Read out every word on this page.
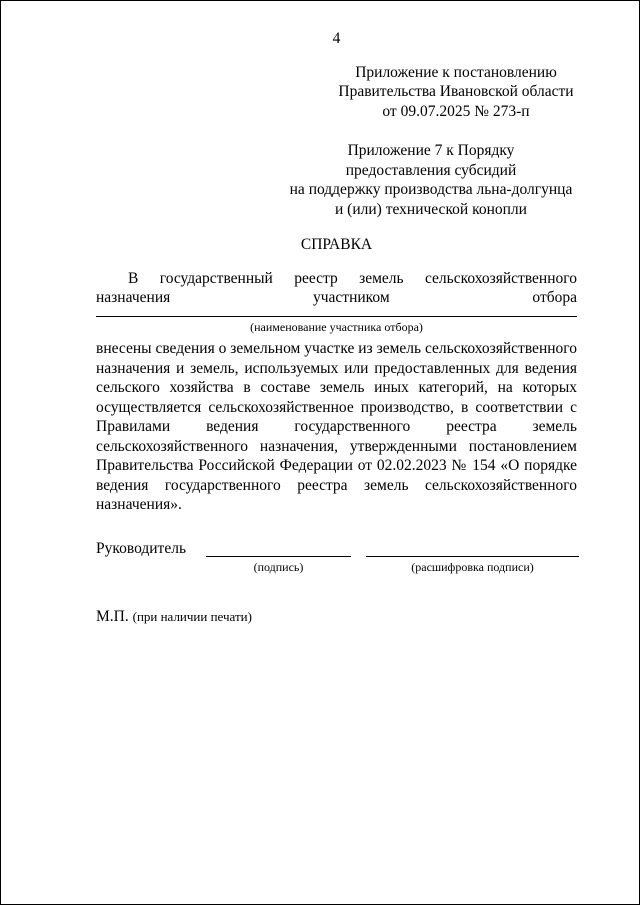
4
Приложение к постановлению
Правительства Ивановской области
от 09.07.2025 № 273-п
Приложение 7 к Порядку
предоставления субсидий
на поддержку производства льна-долгунца
и (или) технической конопли
СПРАВКА
В государственный реестр земель сельскохозяйственного назначения участником отбора
(наименование участника отбора)
внесены сведения о земельном участке из земель сельскохозяйственного назначения и земель, используемых или предоставленных для ведения сельского хозяйства в составе земель иных категорий, на которых осуществляется сельскохозяйственное производство, в соответствии с Правилами ведения государственного реестра земель сельскохозяйственного назначения, утвержденными постановлением Правительства Российской Федерации от 02.02.2023 № 154 «О порядке ведения государственного реестра земель сельскохозяйственного назначения».
Руководитель
(подпись)	(расшифровка подписи)
М.П. (при наличии печати)
